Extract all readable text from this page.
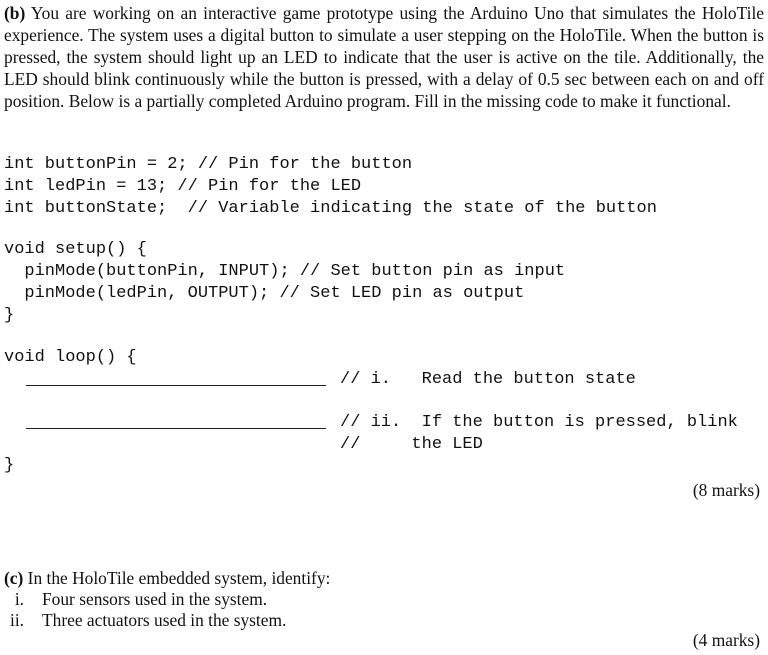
(b) You are working on an interactive game prototype using the Arduino Uno that simulates the HoloTile experience. The system uses a digital button to simulate a user stepping on the HoloTile. When the button is pressed, the system should light up an LED to indicate that the user is active on the tile. Additionally, the LED should blink continuously while the button is pressed, with a delay of 0.5 sec between each on and off position. Below is a partially completed Arduino program. Fill in the missing code to make it functional.
int buttonPin = 2; // Pin for the button
int ledPin = 13; // Pin for the LED
int buttonState;  // Variable indicating the state of the button
void setup() {
pinMode(buttonPin, INPUT); // Set button pin as input
pinMode(ledPin, OUTPUT); // Set LED pin as output
}
void loop() {
// i.   Read the button state
// ii.  If the button is pressed, blink
//     the LED
}
(8 marks)
(c) In the HoloTile embedded system, identify:
i. Four sensors used in the system.
ii. Three actuators used in the system.
(4 marks)
